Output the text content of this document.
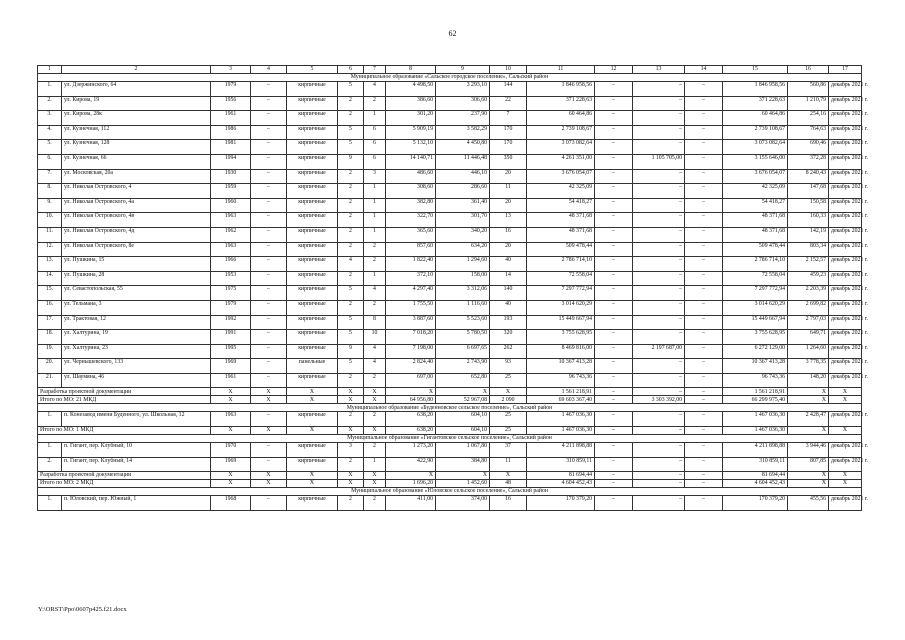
62
1	2	3	4	5	6	7	8	9	10	11	12	13	14	15	16	17
Муниципальное образование «Сальское городское поселение», Сальский район																
1.	ул. Дзержинского, 64	1979	–	кирпичные	5	4	4 498,50	3 293,10	144	1 846 958,56	–	–	–	1 846 958,56	560,86	декабрь 2021 г.
2.	ул. Кирова, 19	1956	–	кирпичные	2	2	386,60	306,60	22	371 228,63	–	–	–	371 228,63	1 210,79	декабрь 2021 г.
3.	ул. Кирова, 28к	1961	–	кирпичные	2	1	301,20	237,90	7	60 464,86	–	–	–	60 464,86	254,16	декабрь 2021 г.
4.	ул. Кузнечная, 112	1986	–	кирпичные	5	6	5 909,19	3 582,29	170	2 739 108,67	–	–	–	2 739 108,67	764,63	декабрь 2021 г.
5.	ул. Кузнечная, 128	1981	–	кирпичные	5	6	5 132,10	4 450,80	170	3 073 082,64	–	–	–	3 073 082,64	690,46	декабрь 2021 г.
6.	ул. Кузнечная, 66	1994	–	кирпичные	9	6	14 140,71	11 446,48	350	4 261 351,00	–	1 105 705,00	–	3 155 646,00	372,28	декабрь 2021 г.
7.	ул. Московская, 20а	1930	–	кирпичные	2	3	486,60	446,10	20	3 676 054,07	–	–	–	3 676 054,07	8 240,43	декабрь 2021 г.
8.	ул. Николая Островского, 4	1959	–	кирпичные	2	1	308,60	286,60	11	42 325,09	–	–	–	42 325,09	147,68	декабрь 2021 г.
9.	ул. Николая Островского, 4а	1960	–	кирпичные	2	1	382,80	361,40	20	54 418,27	–	–	–	54 418,27	150,58	декабрь 2021 г.
10.	ул. Николая Островского, 4в	1963	–	кирпичные	2	1	322,70	301,70	13	48 371,68	–	–	–	48 371,68	160,33	декабрь 2021 г.
11.	ул. Николая Островского, 4д	1962	–	кирпичные	2	1	365,60	340,20	16	48 371,68	–	–	–	48 371,68	142,19	декабрь 2021 г.
12.	ул. Николая Островского, 8е	1963	–	кирпичные	2	2	857,60	634,20	20	509 478,44	–	–	–	509 478,44	803,34	декабрь 2021 г.
13.	ул. Пушкина, 15	1966	–	кирпичные	4	2	1 822,40	1 294,60	40	2 786 714,10	–	–	–	2 786 714,10	2 152,57	декабрь 2021 г.
14.	ул. Пушкина, 28	1953	–	кирпичные	2	1	372,10	158,00	14	72 558,04	–	–	–	72 558,04	459,23	декабрь 2021 г.
15.	ул. Севастопольская, 55	1975	–	кирпичные	5	4	4 297,40	3 312,06	140	7 297 772,94	–	–	–	7 297 772,94	2 203,39	декабрь 2021 г.
16.	ул. Тельмана, 3	1979	–	кирпичные	2	2	1 755,50	1 116,60	40	3 014 620,29	–	–	–	3 014 620,29	2 699,82	декабрь 2021 г.
17.	ул. Трактовая, 12	1992	–	кирпичные	5	8	3 887,60	5 523,60	193	15 449 667,94	–	–	–	15 449 667,94	2 797,03	декабрь 2021 г.
18.	ул. Халтурина, 19	1991	–	кирпичные	5	10	7 018,20	5 780,50	320	3 755 628,95	–	–	–	3 755 628,95	649,71	декабрь 2021 г.
19.	ул. Халтурина, 23	1995	–	кирпичные	9	4	7 198,00	6 697,65	262	8 469 816,00	–	2 197 687,00	–	6 272 129,00	1 264,60	декабрь 2021 г.
20.	ул. Чернышевского, 133	1969	–	панельные	5	4	2 824,40	2 743,90	93	10 367 413,28	–	–	–	10 367 413,28	3 778,35	декабрь 2021 г.
21.	ул. Шаумяна, 46	1961	–	кирпичные	2	2	697,00	652,80	25	96 743,36	–	–	–	96 743,36	148,20	декабрь 2021 г.
Разработка проектной документации		X	X	X	X	X	X	X	X	1 561 218,91	–	–	–	1 561 218,91	X	X
Итого по МО: 21 МКД		X	X	X	X	X	64 956,80	52 967,08	2 090	69 603 367,40	–	3 303 392,00	–	66 299 975,40	X	X
Муниципальное образование «Буденновское сельское поселение», Сальский район																
1.	п. Конезавод имени Буденного, ул. Школьная, 12	1963	–	кирпичные	2	2	638,20	604,10	25	1 467 036,30	–	–	–	1 467 036,30	2 428,47	декабрь 2021 г.
Итого по МО: 1 МКД		X	X	X	X	X	638,20	604,10	25	1 467 036,30	–	–	–	1 467 036,30	X	X
Муниципальное образование «Гигантовское сельское поселение», Сальский район																
1.	п. Гигант, пер. Клубный, 10	1970	–	кирпичные	3	2	1 273,20	1 067,80	37	4 211 898,88	–	–	–	4 211 898,88	3 944,46	декабрь 2021 г.
2.	п. Гигант, пер. Клубный, 14	1969	–	кирпичные	2	1	422,90	384,80	11	310 859,11	–	–	–	310 859,11	807,85	декабрь 2021 г.
Разработка проектной документации		X	X	X	X	X	X	X	X	81 694,44	–	–	–	81 694,44	X	X
Итого по МО: 2 МКД		X	X	X	X	X	1 696,20	1 452,60	48	4 604 452,43	–	–	–	4 604 452,43	X	X
Муниципальное образование «Юловское сельское поселение», Сальский район																
1.	п. Юловский, пер. Южный, 1	1968	–	кирпичные	2	2	411,00	374,00	16	170 379,20	–	–	–	170 379,20	455,56	декабрь 2021 г.
Y:\ORST\Ppo\0607p425.f21.docx
